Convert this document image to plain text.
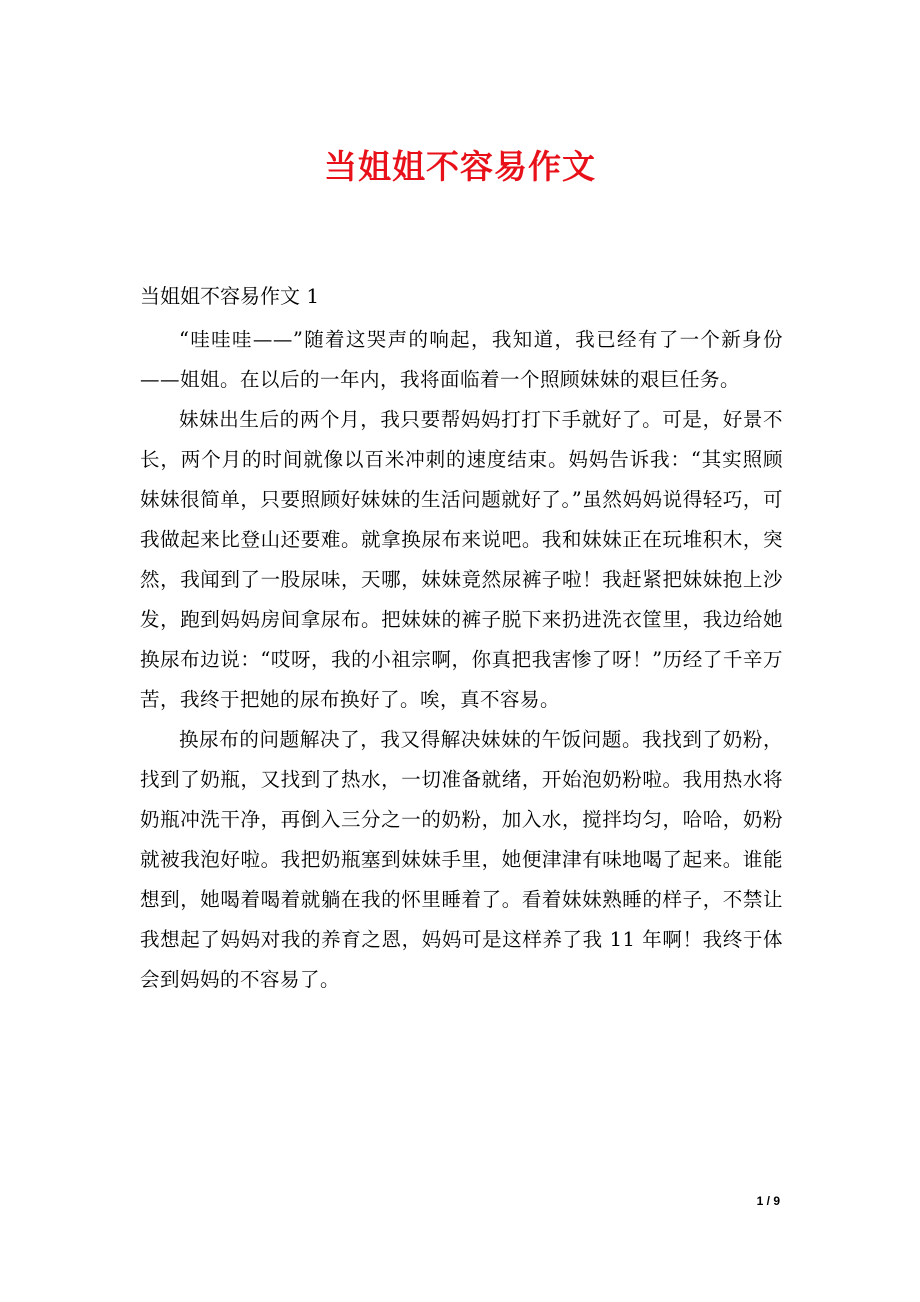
当姐姐不容易作文

当姐姐不容易作文 1

“哇哇哇——”随着这哭声的响起，我知道，我已经有了一个新身份——姐姐。在以后的一年内，我将面临着一个照顾妹妹的艰巨任务。

妹妹出生后的两个月，我只要帮妈妈打打下手就好了。可是，好景不长，两个月的时间就像以百米冲刺的速度结束。妈妈告诉我：“其实照顾妹妹很简单，只要照顾好妹妹的生活问题就好了。”虽然妈妈说得轻巧，可我做起来比登山还要难。就拿换尿布来说吧。我和妹妹正在玩堆积木，突然，我闻到了一股尿味，天哪，妹妹竟然尿裤子啦！我赶紧把妹妹抱上沙发，跑到妈妈房间拿尿布。把妹妹的裤子脱下来扔进洗衣筐里，我边给她换尿布边说：“哎呀，我的小祖宗啊，你真把我害惨了呀！”历经了千辛万苦，我终于把她的尿布换好了。唉，真不容易。

换尿布的问题解决了，我又得解决妹妹的午饭问题。我找到了奶粉，找到了奶瓶，又找到了热水，一切准备就绪，开始泡奶粉啦。我用热水将奶瓶冲洗干净，再倒入三分之一的奶粉，加入水，搅拌均匀，哈哈，奶粉就被我泡好啦。我把奶瓶塞到妹妹手里，她便津津有味地喝了起来。谁能想到，她喝着喝着就躺在我的怀里睡着了。看着妹妹熟睡的样子，不禁让我想起了妈妈对我的养育之恩，妈妈可是这样养了我 11 年啊！我终于体会到妈妈的不容易了。

1 / 9
